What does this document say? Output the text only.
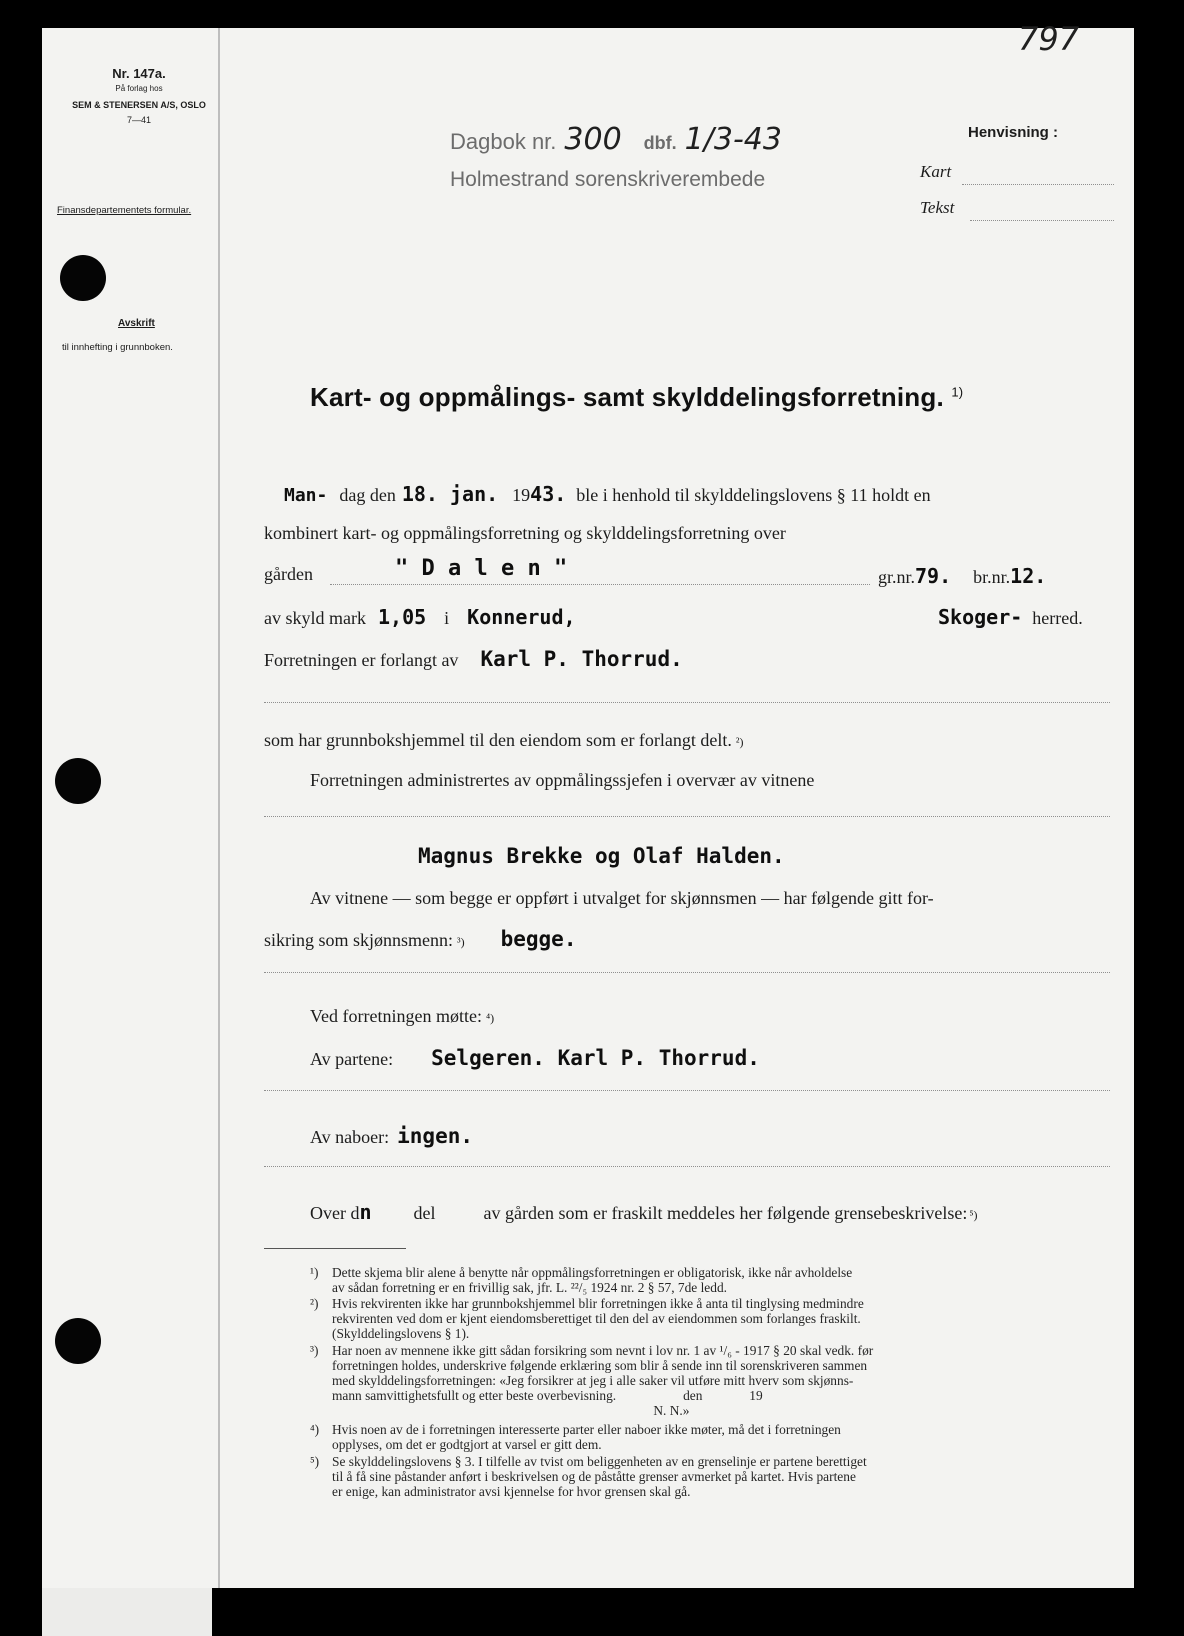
797
Nr. 147a.
På forlag hos
SEM & STENERSEN A/S, OSLO
7—41
Finansdepartementets formular.
Avskrift
til innhefting i grunnboken.
Dagbok nr. 300 dbf. 1/3-43
Holmestrand sorenskriverembede
Henvisning :
Kart
Tekst
Kart- og oppmålings- samt skylddelingsforretning. $^{1)}$
Man- dag den 18. jan. 19 43. ble i henhold til skylddelingslovens § 11 holdt en
kombinert kart- og oppmålingsforretning og skylddelingsforretning over
gården	" D a l e n "	gr.nr. 79. br.nr. 12.
av skyld mark 1,05 i Konnerud,	Skoger- herred.
Forretningen er forlangt av Karl P. Thorrud.
som har grunnbokshjemmel til den eiendom som er forlangt delt. ²)
Forretningen administrertes av oppmålingssjefen i overvær av vitnene
Magnus Brekke og Olaf Halden.
Av vitnene — som begge er oppført i utvalget for skjønnsmen — har følgende gitt for-
sikring som skjønnsmenn: ³) begge.
Ved forretningen møtte: ⁴)
Av partene: Selgeren. Karl P. Thorrud.
Av naboer: ingen.
Over d n del	av gården som er fraskilt meddeles her følgende grensebeskrivelse: ⁵)
¹) Dette skjema blir alene å benytte når oppmålingsforretningen er obligatorisk, ikke når avholdelse
av sådan forretning er en frivillig sak, jfr. L. ²²/₅ 1924 nr. 2 § 57, 7de ledd.
²) Hvis rekvirenten ikke har grunnbokshjemmel blir forretningen ikke å anta til tinglysing medmindre
rekvirenten ved dom er kjent eiendomsberettiget til den del av eiendommen som forlanges fraskilt.
(Skylddelingslovens § 1).
³) Har noen av mennene ikke gitt sådan forsikring som nevnt i lov nr. 1 av ¹/₆ - 1917 § 20 skal vedk. før
forretningen holdes, underskrive følgende erklæring som blir å sende inn til sorenskriveren sammen
med skylddelingsforretningen: «Jeg forsikrer at jeg i alle saker vil utføre mitt hverv som skjønns-
mann samvittighetsfullt og etter beste overbevisning.                    den              19
N. N.»
⁴) Hvis noen av de i forretningen interesserte parter eller naboer ikke møter, må det i forretningen
opplyses, om det er godtgjort at varsel er gitt dem.
⁵) Se skylddelingslovens § 3. I tilfelle av tvist om beliggenheten av en grenselinje er partene berettiget
til å få sine påstander anført i beskrivelsen og de påståtte grenser avmerket på kartet. Hvis partene
er enige, kan administrator avsi kjennelse for hvor grensen skal gå.
